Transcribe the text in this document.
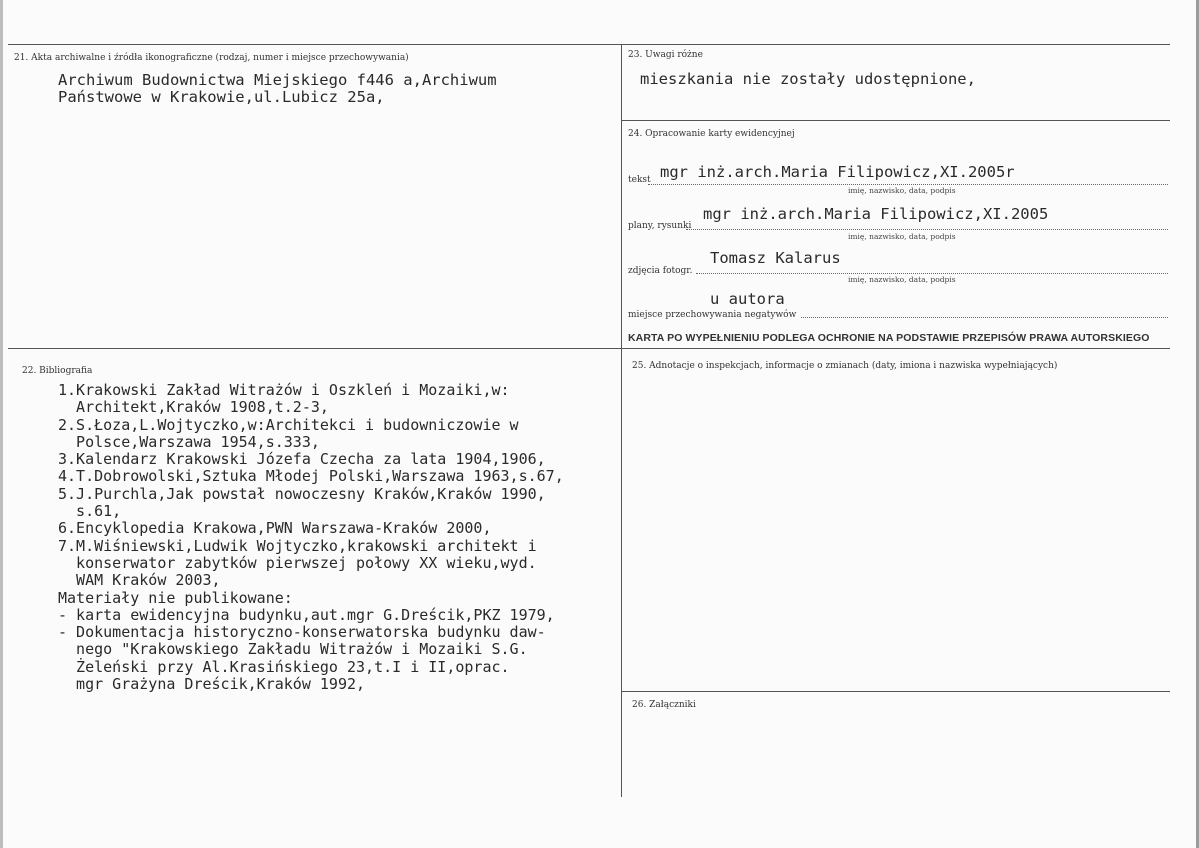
21. Akta archiwalne i źródła ikonograficzne (rodzaj, numer i miejsce przechowywania)
Archiwum Budownictwa Miejskiego f446 a,Archiwum
Państwowe w Krakowie,ul.Lubicz 25a,
22. Bibliografia
1.Krakowski Zakład Witrażów i Oszkleń i Mozaiki,w:
Architekt,Kraków 1908,t.2-3,
2.S.Łoza,L.Wojtyczko,w:Architekci i budowniczowie w
Polsce,Warszawa 1954,s.333,
3.Kalendarz Krakowski Józefa Czecha za lata 1904,1906,
4.T.Dobrowolski,Sztuka Młodej Polski,Warszawa 1963,s.67,
5.J.Purchla,Jak powstał nowoczesny Kraków,Kraków 1990,
s.61,
6.Encyklopedia Krakowa,PWN Warszawa-Kraków 2000,
7.M.Wiśniewski,Ludwik Wojtyczko,krakowski architekt i
konserwator zabytków pierwszej połowy XX wieku,wyd.
WAM Kraków 2003,
Materiały nie publikowane:
- karta ewidencyjna budynku,aut.mgr G.Dreścik,PKZ 1979,
- Dokumentacja historyczno-konserwatorska budynku daw-
nego "Krakowskiego Zakładu Witrażów i Mozaiki S.G.
Żeleński przy Al.Krasińskiego 23,t.I i II,oprac.
mgr Grażyna Dreścik,Kraków 1992,
23. Uwagi różne
mieszkania nie zostały udostępnione,
24. Opracowanie karty ewidencyjnej
tekst mgr inż.arch.Maria Filipowicz,XI.2005r
imię, nazwisko, data, podpis
plany, rysunki
mgr inż.arch.Maria Filipowicz,XI.2005
imię, nazwisko, data, podpis
zdjęcia fotogr.
Tomasz Kalarus
imię, nazwisko, data, podpis
miejsce przechowywania negatywów
u autora
KARTA PO WYPEŁNIENIU PODLEGA OCHRONIE NA PODSTAWIE PRZEPISÓW PRAWA AUTORSKIEGO
25. Adnotacje o inspekcjach, informacje o zmianach (daty, imiona i nazwiska wypełniających)
26. Załączniki
